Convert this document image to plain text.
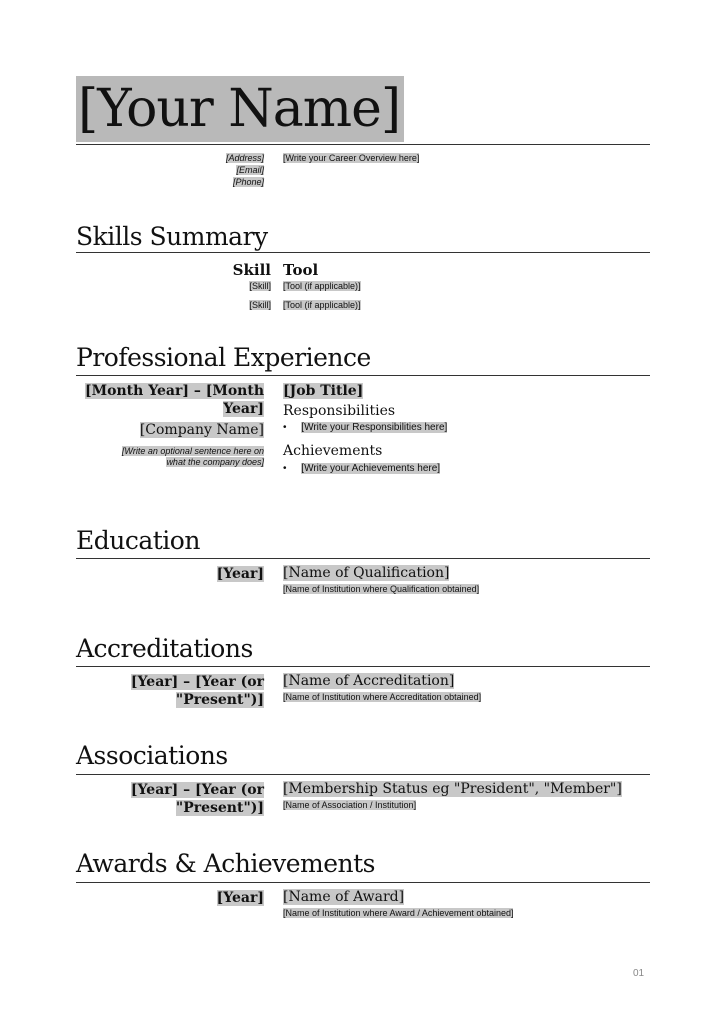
[Your Name]
[Address]
[Email]
[Phone]
[Write your Career Overview here]
Skills Summary
Skill Tool
[Skill] [Tool (if applicable)]
[Skill] [Tool (if applicable)]
Professional Experience
[Month Year] – [Month
Year]
[Company Name]
[Write an optional sentence here on
what the company does]
[Job Title]
Responsibilities
• [Write your Responsibilities here]
Achievements
• [Write your Achievements here]
Education
[Year] [Name of Qualification]
[Name of Institution where Qualification obtained]
Accreditations
[Year] – [Year (or
"Present")]
[Name of Accreditation]
[Name of Institution where Accreditation obtained]
Associations
[Year] – [Year (or
"Present")]
[Membership Status eg "President", "Member"]
[Name of Association / Institution]
Awards & Achievements
[Year] [Name of Award]
[Name of Institution where Award / Achievement obtained]
01
